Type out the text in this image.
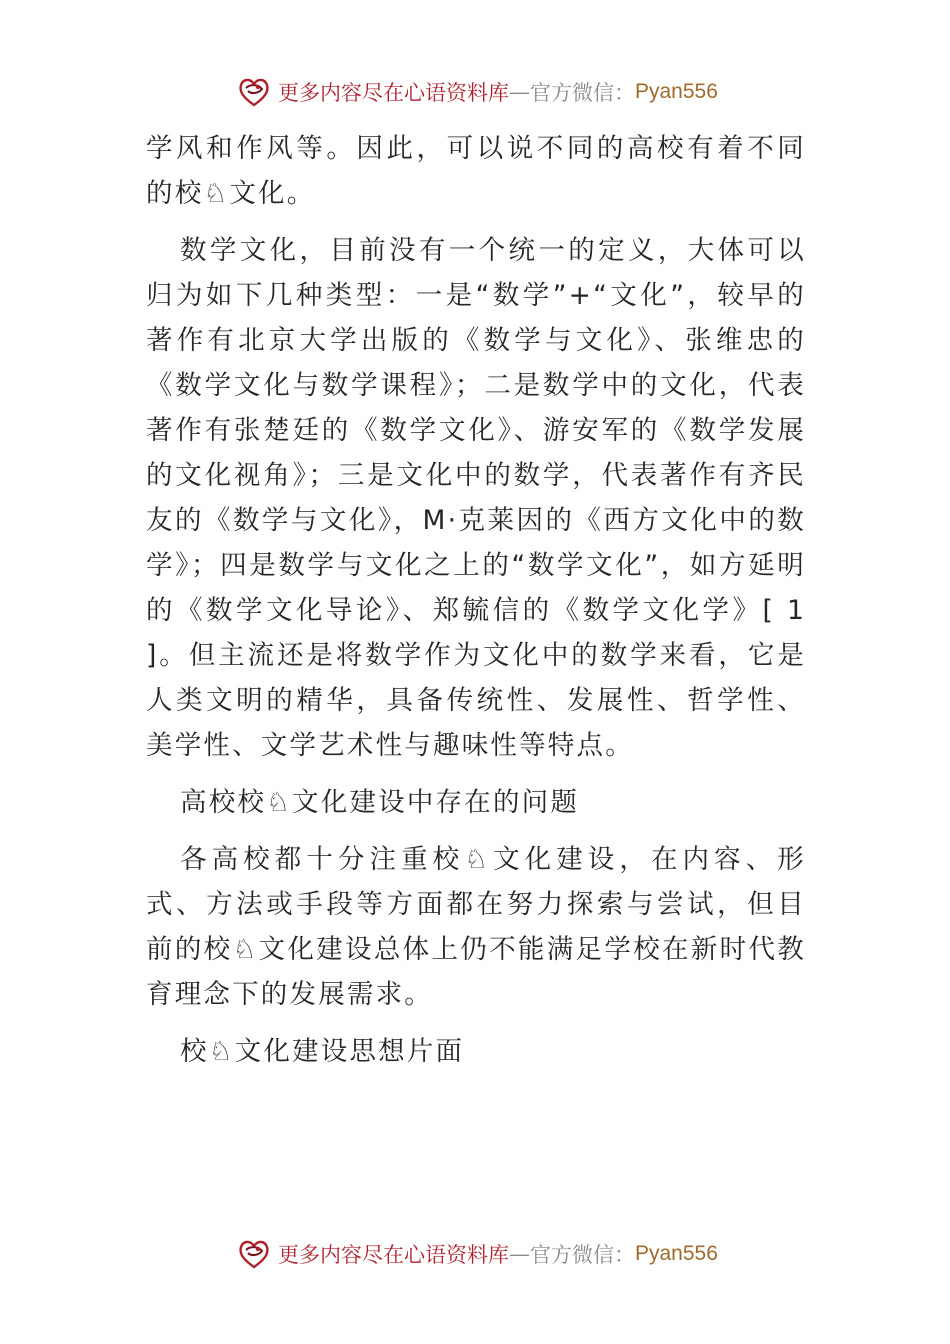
更多内容尽在心语资料库 — 官方微信： Pyan556

学风和作风等。因此，可以说不同的高校有着不同的校♘文化。

数学文化，目前没有一个统一的定义，大体可以归为如下几种类型：一是“数学”+“文化”，较早的著作有北京大学出版的《数学与文化》、张维忠的《数学文化与数学课程》；二是数学中的文化，代表著作有张楚廷的《数学文化》、游安军的《数学发展的文化视角》；三是文化中的数学，代表著作有齐民友的《数学与文化》，M·克莱因的《西方文化中的数学》；四是数学与文化之上的“数学文化”，如方延明的《数学文化导论》、郑毓信的《数学文化学》[ 1 ]。但主流还是将数学作为文化中的数学来看，它是人类文明的精华，具备传统性、发展性、哲学性、美学性、文学艺术性与趣味性等特点。

高校校♘文化建设中存在的问题

各高校都十分注重校♘文化建设，在内容、形式、方法或手段等方面都在努力探索与尝试，但目前的校♘文化建设总体上仍不能满足学校在新时代教育理念下的发展需求。

校♘文化建设思想片面

更多内容尽在心语资料库 — 官方微信： Pyan556
